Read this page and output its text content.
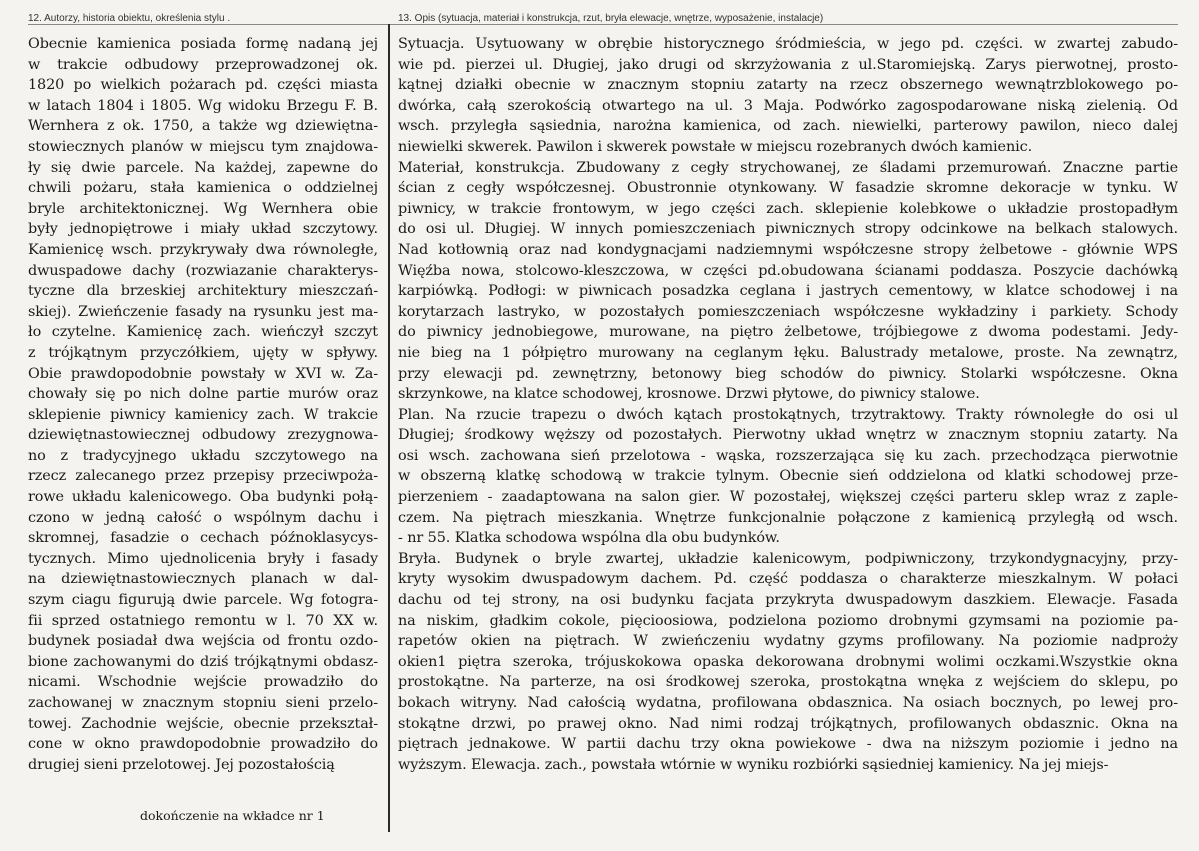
12. Autorzy, historia obiektu, określenia stylu .	13. Opis (sytuacja, materiał i konstrukcja, rzut, bryła elewacje, wnętrze, wyposażenie, instalacje)
Obecnie kamienica posiada formę nadaną jej
w trakcie odbudowy przeprowadzonej ok.
1820 po wielkich pożarach pd. części miasta
w latach 1804 i 1805. Wg widoku Brzegu F. B.
Wernhera z ok. 1750, a także wg dziewiętna-
stowiecznych planów w miejscu tym znajdowa-
ły się dwie parcele. Na każdej, zapewne do
chwili pożaru, stała kamienica o oddzielnej
bryle architektonicznej. Wg Wernhera obie
były jednopiętrowe i miały układ szczytowy.
Kamienicę wsch. przykrywały dwa równoległe,
dwuspadowe dachy (rozwiazanie charakterys-
tyczne dla brzeskiej architektury mieszczań-
skiej). Zwieńczenie fasady na rysunku jest ma-
ło czytelne. Kamienicę zach. wieńczył szczyt
z trójkątnym przyczółkiem, ujęty w spływy.
Obie prawdopodobnie powstały w XVI w. Za-
chowały się po nich dolne partie murów oraz
sklepienie piwnicy kamienicy zach. W trakcie
dziewiętnastowiecznej odbudowy zrezygnowa-
no z tradycyjnego układu szczytowego na
rzecz zalecanego przez przepisy przeciwpoża-
rowe układu kalenicowego. Oba budynki połą-
czono w jedną całość o wspólnym dachu i
skromnej, fasadzie o cechach późnoklasycys-
tycznych. Mimo ujednolicenia bryły i fasady
na dziewiętnastowiecznych planach w dal-
szym ciagu figurują dwie parcele. Wg fotogra-
fii sprzed ostatniego remontu w l. 70 XX w.
budynek posiadał dwa wejścia od frontu ozdo-
bione zachowanymi do dziś trójkątnymi obdasz-
nicami. Wschodnie wejście prowadziło do
zachowanej w znacznym stopniu sieni przelo-
towej. Zachodnie wejście, obecnie przekształ-
cone w okno prawdopodobnie prowadziło do
drugiej sieni przelotowej. Jej pozostałością
Sytuacja. Usytuowany w obrębie historycznego śródmieścia, w jego pd. części. w zwartej zabudo-
wie pd. pierzei ul. Długiej, jako drugi od skrzyżowania z ul.Staromiejską. Zarys pierwotnej, prosto-
kątnej działki obecnie w znacznym stopniu zatarty na rzecz obszernego wewnątrzblokowego po-
dwórka, całą szerokością otwartego na ul. 3 Maja. Podwórko zagospodarowane niską zielenią. Od
wsch. przyległa sąsiednia, narożna kamienica, od zach. niewielki, parterowy pawilon, nieco dalej
niewielki skwerek. Pawilon i skwerek powstałe w miejscu rozebranych dwóch kamienic.
Materiał, konstrukcja. Zbudowany z cegły strychowanej, ze śladami przemurowań. Znaczne partie
ścian z cegły współczesnej. Obustronnie otynkowany. W fasadzie skromne dekoracje w tynku. W
piwnicy, w trakcie frontowym, w jego części zach. sklepienie kolebkowe o układzie prostopadłym
do osi ul. Długiej. W innych pomieszczeniach piwnicznych stropy odcinkowe na belkach stalowych.
Nad kotłownią oraz nad kondygnacjami nadziemnymi współczesne stropy żelbetowe - głównie WPS
Więźba nowa, stolcowo-kleszczowa, w części pd.obudowana ścianami poddasza. Poszycie dachówką
karpiówką. Podłogi: w piwnicach posadzka ceglana i jastrych cementowy, w klatce schodowej i na
korytarzach lastryko, w pozostałych pomieszczeniach współczesne wykładziny i parkiety. Schody
do piwnicy jednobiegowe, murowane, na piętro żelbetowe, trójbiegowe z dwoma podestami. Jedy-
nie bieg na 1 półpiętro murowany na ceglanym łęku. Balustrady metalowe, proste. Na zewnątrz,
przy elewacji pd. zewnętrzny, betonowy bieg schodów do piwnicy. Stolarki współczesne. Okna
skrzynkowe, na klatce schodowej, krosnowe. Drzwi płytowe, do piwnicy stalowe.
Plan. Na rzucie trapezu o dwóch kątach prostokątnych, trzytraktowy. Trakty równoległe do osi ul
Długiej; środkowy węższy od pozostałych. Pierwotny układ wnętrz w znacznym stopniu zatarty. Na
osi wsch. zachowana sień przelotowa - wąska, rozszerzająca się ku zach. przechodząca pierwotnie
w obszerną klatkę schodową w trakcie tylnym. Obecnie sień oddzielona od klatki schodowej prze-
pierzeniem - zaadaptowana na salon gier. W pozostałej, większej części parteru sklep wraz z zaple-
czem. Na piętrach mieszkania. Wnętrze funkcjonalnie połączone z kamienicą przyległą od wsch.
- nr 55. Klatka schodowa wspólna dla obu budynków.
Bryła. Budynek o bryle zwartej, układzie kalenicowym, podpiwniczony, trzykondygnacyjny, przy-
kryty wysokim dwuspadowym dachem. Pd. część poddasza o charakterze mieszkalnym. W połaci
dachu od tej strony, na osi budynku facjata przykryta dwuspadowym daszkiem. Elewacje. Fasada
na niskim, gładkim cokole, pięcioosiowa, podzielona poziomo drobnymi gzymsami na poziomie pa-
rapetów okien na piętrach. W zwieńczeniu wydatny gzyms profilowany. Na poziomie nadproży
okien1 piętra szeroka, trójuskokowa opaska dekorowana drobnymi wolimi oczkami.Wszystkie okna
prostokątne. Na parterze, na osi środkowej szeroka, prostokątna wnęka z wejściem do sklepu, po
bokach witryny. Nad całością wydatna, profilowana obdasznica. Na osiach bocznych, po lewej pro-
stokątne drzwi, po prawej okno. Nad nimi rodzaj trójkątnych, profilowanych obdasznic. Okna na
piętrach jednakowe. W partii dachu trzy okna powiekowe - dwa na niższym poziomie i jedno na
wyższym. Elewacja. zach., powstała wtórnie w wyniku rozbiórki sąsiedniej kamienicy. Na jej miejs-
dokończenie na wkładce nr 1
